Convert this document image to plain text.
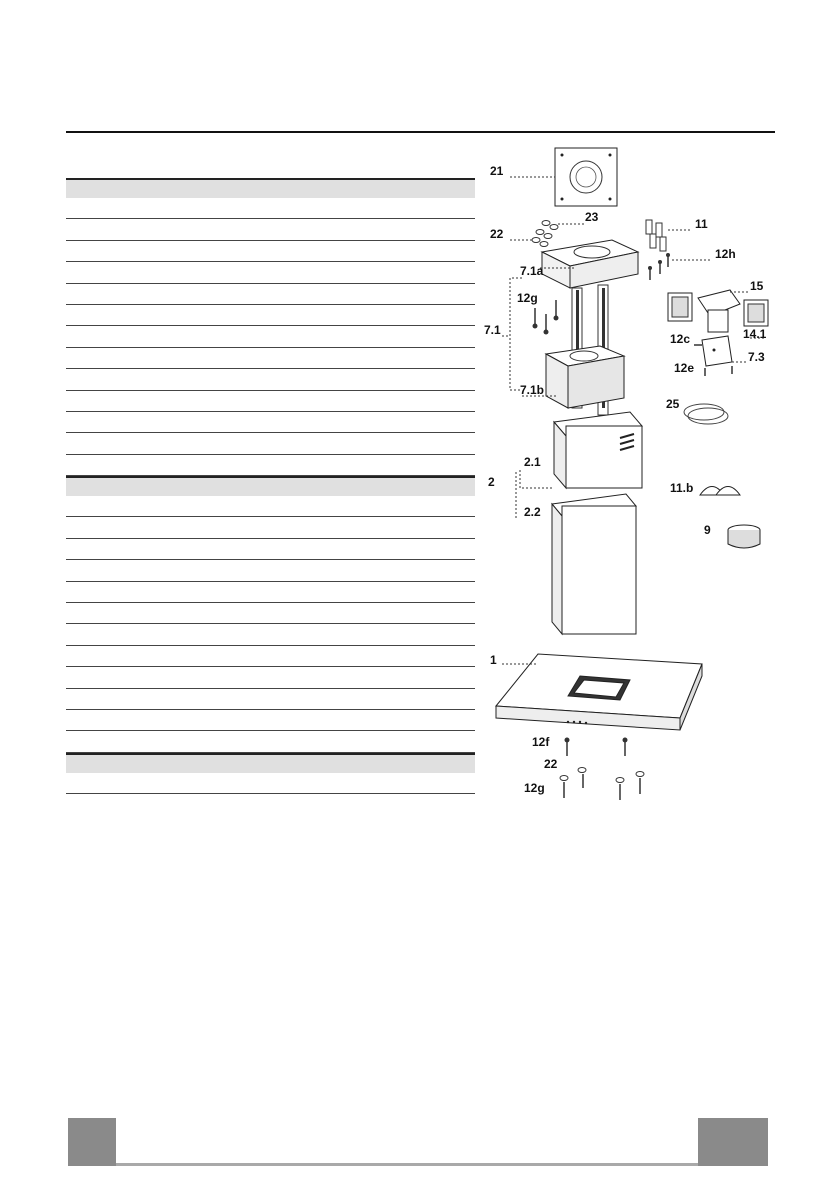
21
23
22
11
12h
7.1a
12g
7.1
7.1b
15
14.1
12c
7.3
12e
25
2.1
2	11.b
2.2
9
1
12f
22
12g
